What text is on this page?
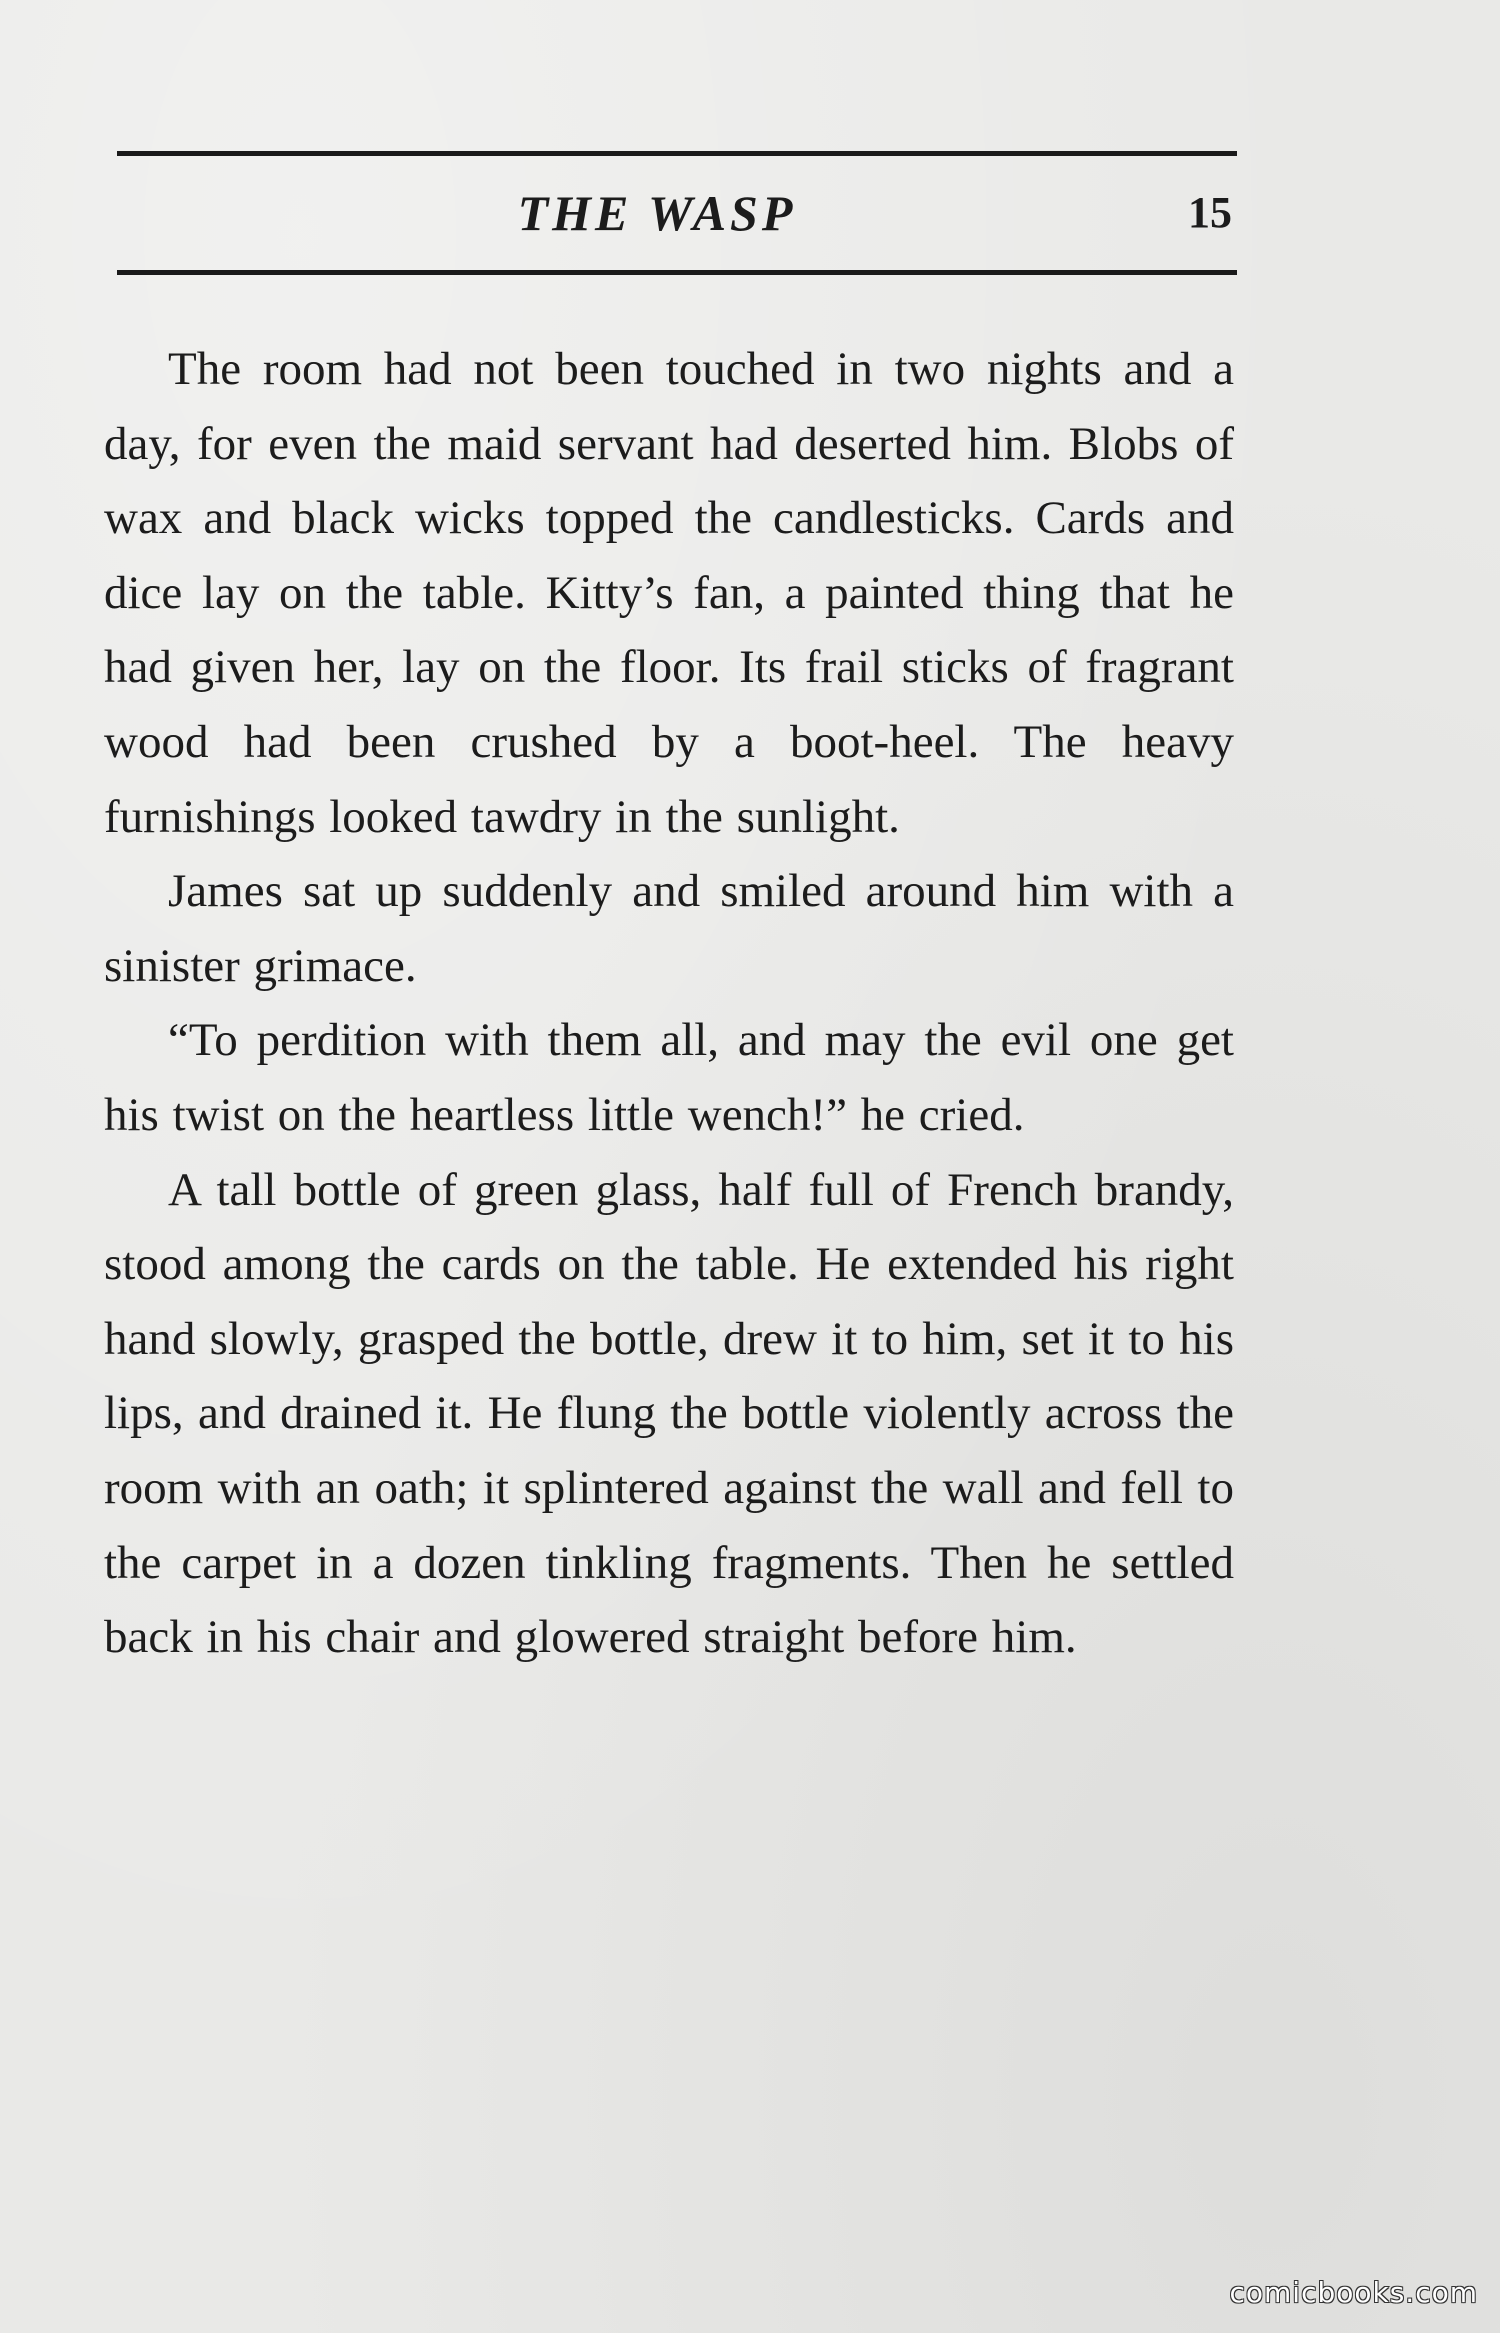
THE WASP	15

The room had not been touched in two nights and a day, for even the maid servant had deserted him. Blobs of wax and black wicks topped the candlesticks. Cards and dice lay on the table. Kitty’s fan, a painted thing that he had given her, lay on the floor. Its frail sticks of fragrant wood had been crushed by a boot-heel. The heavy furnishings looked tawdry in the sunlight.

James sat up suddenly and smiled around him with a sinister grimace.

“To perdition with them all, and may the evil one get his twist on the heartless little wench!” he cried.

A tall bottle of green glass, half full of French brandy, stood among the cards on the table. He extended his right hand slowly, grasped the bottle, drew it to him, set it to his lips, and drained it. He flung the bottle violently across the room with an oath; it splintered against the wall and fell to the carpet in a dozen tinkling fragments. Then he settled back in his chair and glowered straight before him.

comicbooks.com
